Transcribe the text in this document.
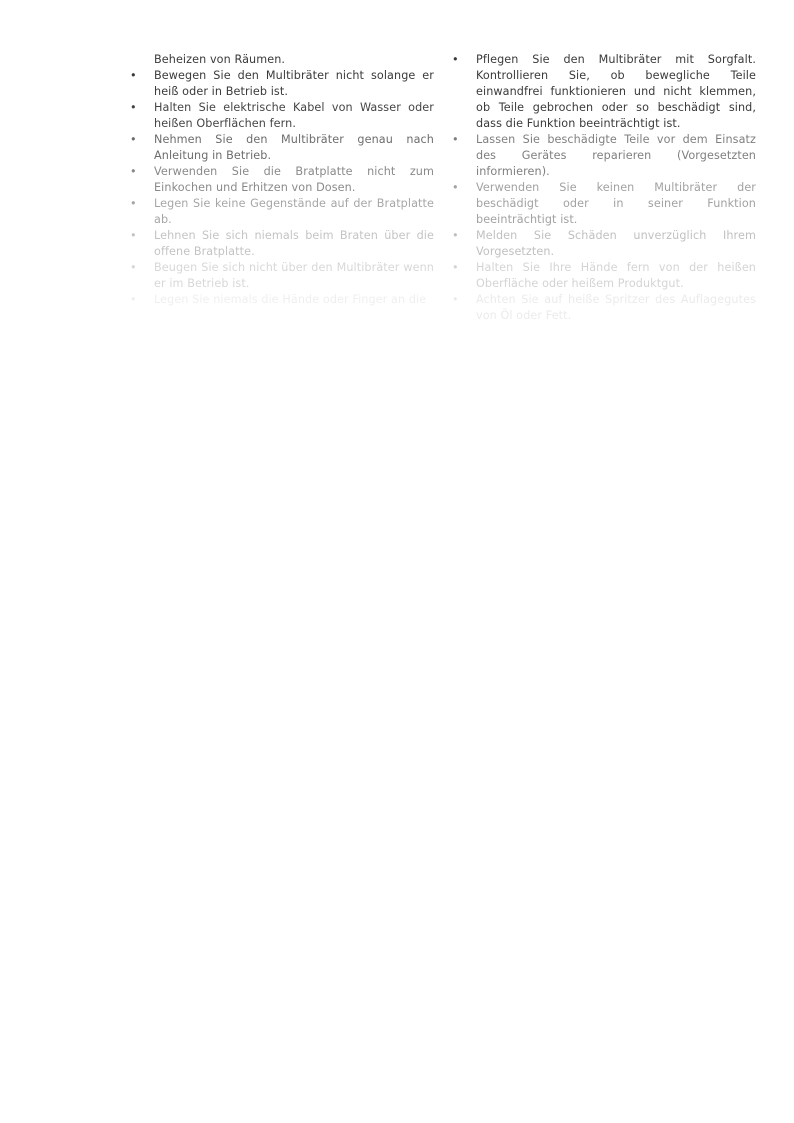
Beheizen von Räumen.
• Bewegen Sie den Multibräter nicht solange er heiß oder in Betrieb ist.
• Halten Sie elektrische Kabel von Wasser oder heißen Oberflächen fern.
• Nehmen Sie den Multibräter genau nach Anleitung in Betrieb.
• Verwenden Sie die Bratplatte nicht zum Einkochen und Erhitzen von Dosen.
• Legen Sie keine Gegenstände auf der Bratplatte ab.
• Lehnen Sie sich niemals beim Braten über die offene Bratplatte.
• Beugen Sie sich nicht über den Multibräter wenn er im Betrieb ist.
• Legen Sie niemals die Hände oder Finger an die
• Pflegen Sie den Multibräter mit Sorgfalt. Kontrollieren Sie, ob bewegliche Teile einwandfrei funktionieren und nicht klemmen, ob Teile gebrochen oder so beschädigt sind, dass die Funktion beeinträchtigt ist.
• Lassen Sie beschädigte Teile vor dem Einsatz des Gerätes reparieren (Vorgesetzten informieren).
• Verwenden Sie keinen Multibräter der beschädigt oder in seiner Funktion beeinträchtigt ist.
• Melden Sie Schäden unverzüglich Ihrem Vorgesetzten.
• Halten Sie Ihre Hände fern von der heißen Oberfläche oder heißem Produktgut.
• Achten Sie auf heiße Spritzer des Auflagegutes von Öl oder Fett.
